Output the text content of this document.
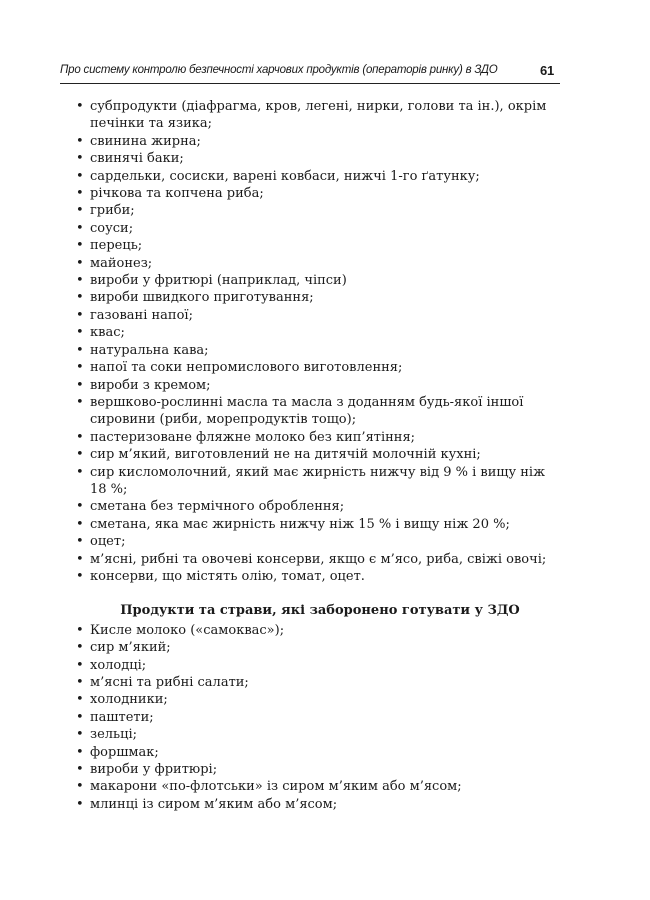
Про систему контролю безпечності харчових продуктів (операторів ринку) в ЗДО	61
• субпродукти (діафрагма, кров, легені, нирки, голови та ін.), окрім печінки та язика;
• свинина жирна;
• свинячі баки;
• сардельки, сосиски, варені ковбаси, нижчі 1-го ґатунку;
• річкова та копчена риба;
• гриби;
• соуси;
• перець;
• майонез;
• вироби у фритюрі (наприклад, чіпси)
• вироби швидкого приготування;
• газовані напої;
• квас;
• натуральна кава;
• напої та соки непромислового виготовлення;
• вироби з кремом;
• вершково-рослинні масла та масла з доданням будь-якої іншої сировини (риби, морепродуктів тощо);
• пастеризоване фляжне молоко без кип’ятіння;
• сир м’який, виготовлений не на дитячій молочній кухні;
• сир кисломолочний, який має жирність нижчу від 9 % і вищу ніж 18 %;
• сметана без термічного оброблення;
• сметана, яка має жирність нижчу ніж 15 % і вищу ніж 20 %;
• оцет;
• м’ясні, рибні та овочеві консерви, якщо є м’ясо, риба, свіжі овочі;
• консерви, що містять олію, томат, оцет.
Продукти та страви, які заборонено готувати у ЗДО
• Кисле молоко («самоквас»);
• сир м’який;
• холодці;
• м’ясні та рибні салати;
• холодники;
• паштети;
• зельці;
• форшмак;
• вироби у фритюрі;
• макарони «по-флотськи» із сиром м’яким або м’ясом;
• млинці із сиром м’яким або м’ясом;
